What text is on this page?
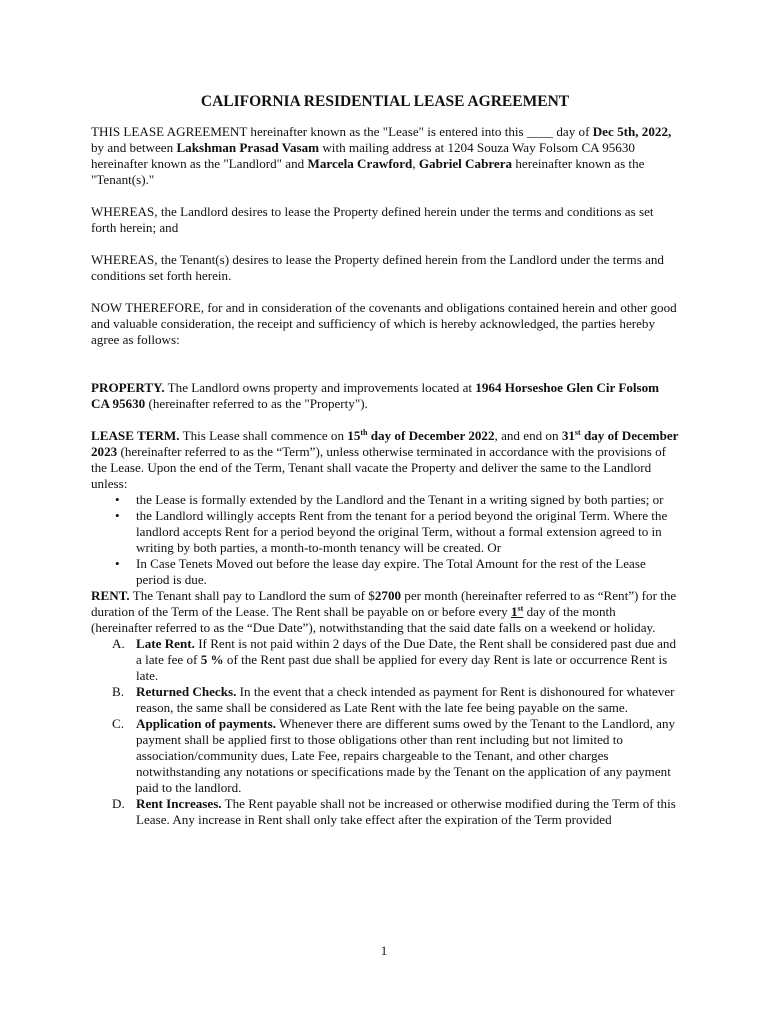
CALIFORNIA RESIDENTIAL LEASE AGREEMENT

THIS LEASE AGREEMENT hereinafter known as the "Lease" is entered into this ____ day of Dec 5th, 2022, by and between Lakshman Prasad Vasam with mailing address at 1204 Souza Way Folsom CA 95630 hereinafter known as the "Landlord" and Marcela Crawford, Gabriel Cabrera hereinafter known as the "Tenant(s)."

WHEREAS, the Landlord desires to lease the Property defined herein under the terms and conditions as set forth herein; and

WHEREAS, the Tenant(s) desires to lease the Property defined herein from the Landlord under the terms and conditions set forth herein.

NOW THEREFORE, for and in consideration of the covenants and obligations contained herein and other good and valuable consideration, the receipt and sufficiency of which is hereby acknowledged, the parties hereby agree as follows:

PROPERTY. The Landlord owns property and improvements located at 1964 Horseshoe Glen Cir Folsom CA 95630 (hereinafter referred to as the "Property").

LEASE TERM. This Lease shall commence on 15th day of December 2022, and end on 31st day of December 2023 (hereinafter referred to as the “Term”), unless otherwise terminated in accordance with the provisions of the Lease. Upon the end of the Term, Tenant shall vacate the Property and deliver the same to the Landlord unless:

• the Lease is formally extended by the Landlord and the Tenant in a writing signed by both parties; or
• the Landlord willingly accepts Rent from the tenant for a period beyond the original Term. Where the landlord accepts Rent for a period beyond the original Term, without a formal extension agreed to in writing by both parties, a month-to-month tenancy will be created. Or
• In Case Tenets Moved out before the lease day expire. The Total Amount for the rest of the Lease period is due.

RENT. The Tenant shall pay to Landlord the sum of $2700 per month (hereinafter referred to as “Rent”) for the duration of the Term of the Lease. The Rent shall be payable on or before every 1st day of the month (hereinafter referred to as the “Due Date”), notwithstanding that the said date falls on a weekend or holiday.

A. Late Rent. If Rent is not paid within 2 days of the Due Date, the Rent shall be considered past due and a late fee of 5 % of the Rent past due shall be applied for every day Rent is late or occurrence Rent is late.
B. Returned Checks. In the event that a check intended as payment for Rent is dishonoured for whatever reason, the same shall be considered as Late Rent with the late fee being payable on the same.
C. Application of payments. Whenever there are different sums owed by the Tenant to the Landlord, any payment shall be applied first to those obligations other than rent including but not limited to association/community dues, Late Fee, repairs chargeable to the Tenant, and other charges notwithstanding any notations or specifications made by the Tenant on the application of any payment paid to the landlord.
D. Rent Increases. The Rent payable shall not be increased or otherwise modified during the Term of this Lease. Any increase in Rent shall only take effect after the expiration of the Term provided
1
